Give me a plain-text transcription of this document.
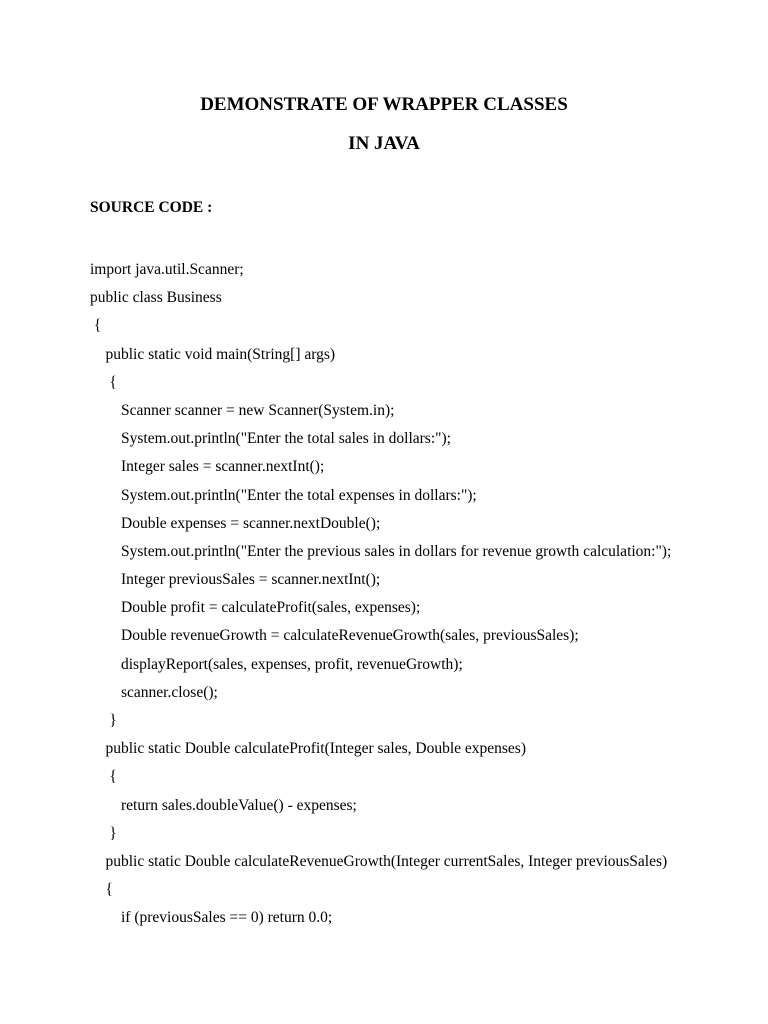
DEMONSTRATE OF WRAPPER CLASSES
IN JAVA
SOURCE CODE :
import java.util.Scanner;
public class Business
{
public static void main(String[] args)
{
Scanner scanner = new Scanner(System.in);
System.out.println("Enter the total sales in dollars:");
Integer sales = scanner.nextInt();
System.out.println("Enter the total expenses in dollars:");
Double expenses = scanner.nextDouble();
System.out.println("Enter the previous sales in dollars for revenue growth calculation:");
Integer previousSales = scanner.nextInt();
Double profit = calculateProfit(sales, expenses);
Double revenueGrowth = calculateRevenueGrowth(sales, previousSales);
displayReport(sales, expenses, profit, revenueGrowth);
scanner.close();
}
public static Double calculateProfit(Integer sales, Double expenses)
{
return sales.doubleValue() - expenses;
}
public static Double calculateRevenueGrowth(Integer currentSales, Integer previousSales)
{
if (previousSales == 0) return 0.0;
